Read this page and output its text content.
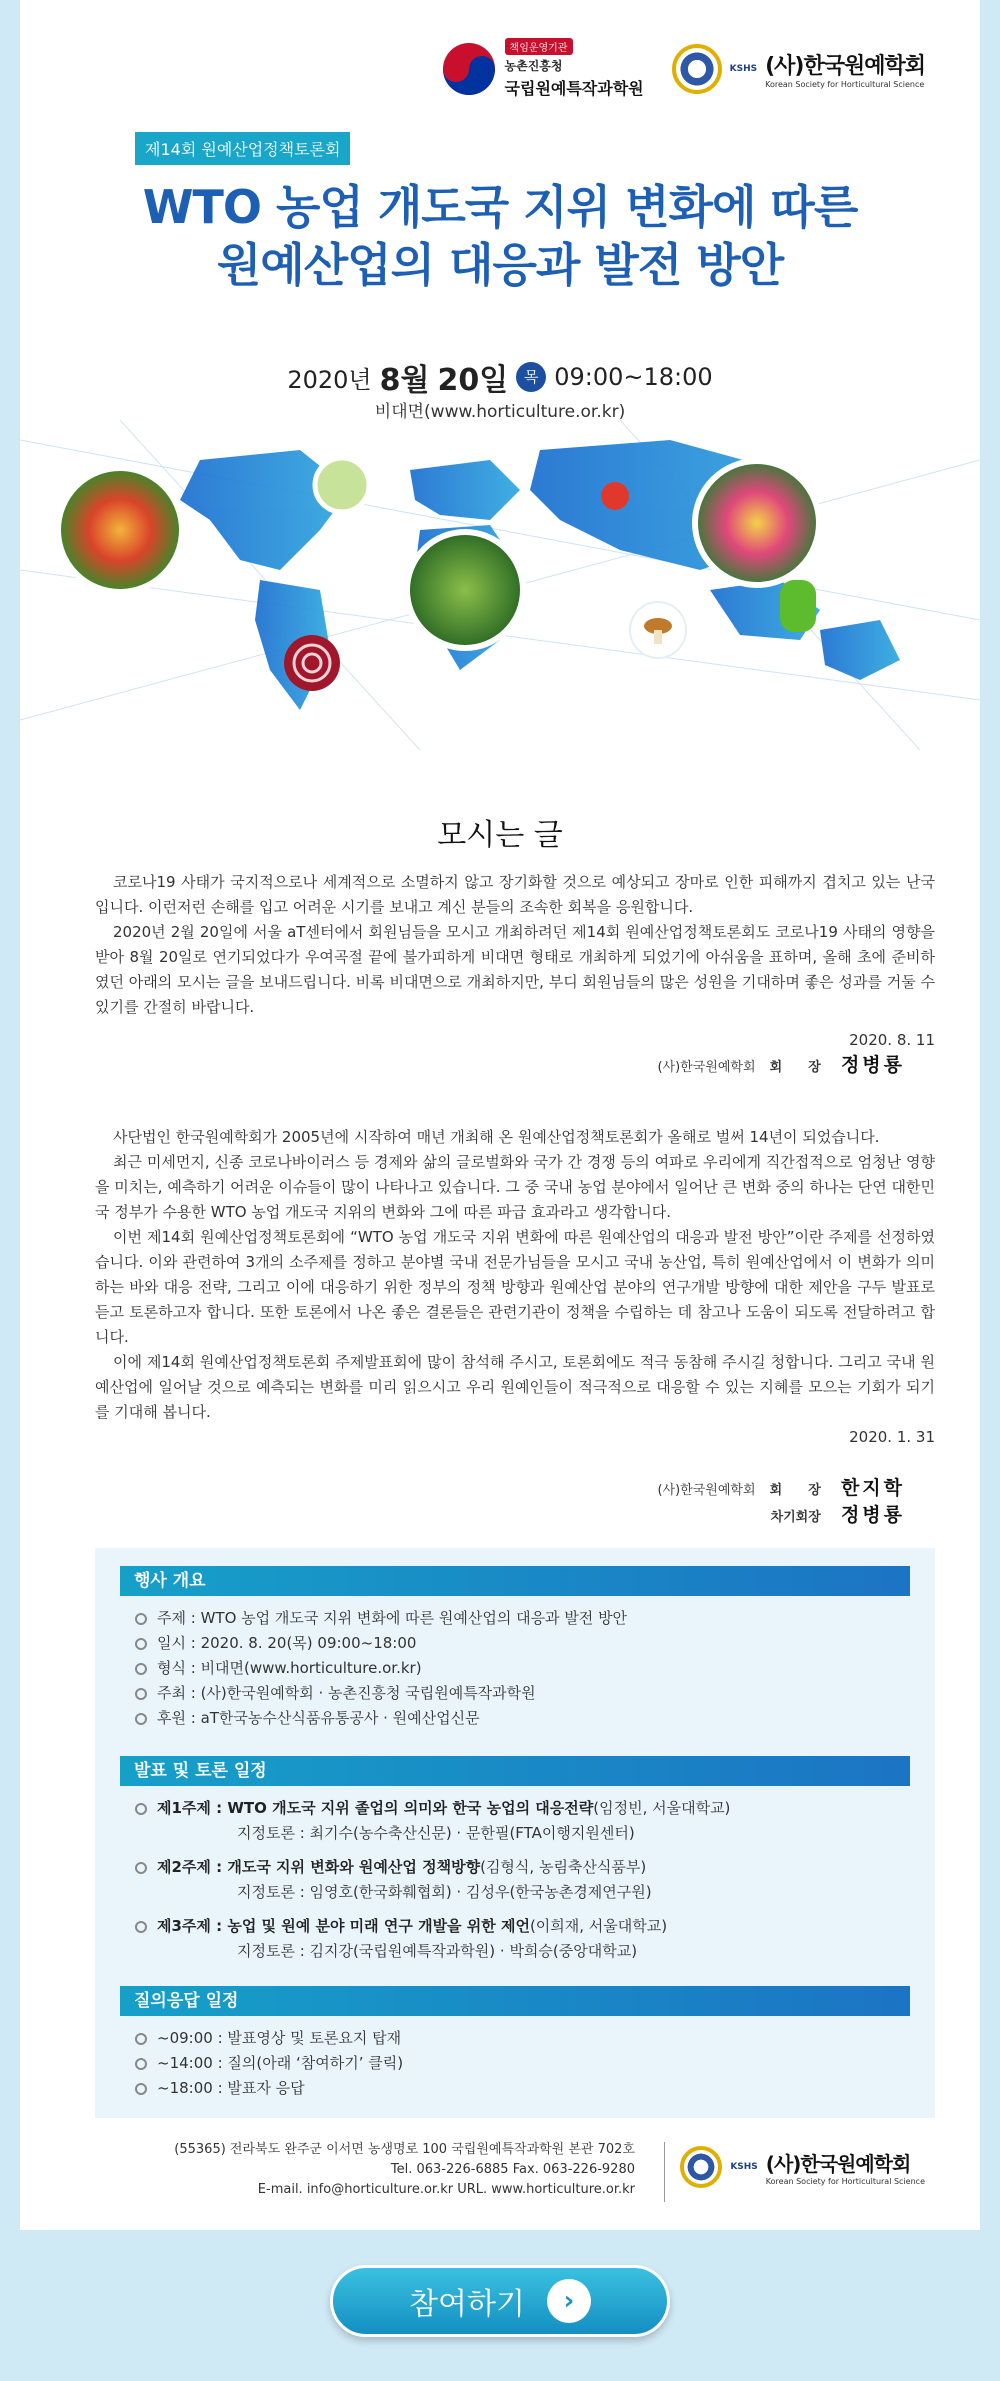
책임운영기관
농촌진흥청
국립원예특작과학원
KSHS (사)한국원예학회
Korean Society for Horticultural Science
제14회 원예산업정책토론회
WTO 농업 개도국 지위 변화에 따른
원예산업의 대응과 발전 방안
2020년 8월 20일	목 09:00~18:00
비대면(www.horticulture.or.kr)
모시는 글

코로나19 사태가 국지적으로나 세계적으로 소멸하지 않고 장기화할 것으로 예상되고 장마로 인한 피해까지 겹치고 있는 난국입니다. 이런저런 손해를 입고 어려운 시기를 보내고 계신 분들의 조속한 회복을 응원합니다.

2020년 2월 20일에 서울 aT센터에서 회원님들을 모시고 개최하려던 제14회 원예산업정책토론회도 코로나19 사태의 영향을 받아 8월 20일로 연기되었다가 우여곡절 끝에 불가피하게 비대면 형태로 개최하게 되었기에 아쉬움을 표하며, 올해 초에 준비하였던 아래의 모시는 글을 보내드립니다. 비록 비대면으로 개최하지만, 부디 회원님들의 많은 성원을 기대하며 좋은 성과를 거둘 수 있기를 간절히 바랍니다.

2020. 8. 11
(사)한국원예학회 회　　장 정병룡

사단법인 한국원예학회가 2005년에 시작하여 매년 개최해 온 원예산업정책토론회가 올해로 벌써 14년이 되었습니다.

최근 미세먼지, 신종 코로나바이러스 등 경제와 삶의 글로벌화와 국가 간 경쟁 등의 여파로 우리에게 직간접적으로 엄청난 영향을 미치는, 예측하기 어려운 이슈들이 많이 나타나고 있습니다. 그 중 국내 농업 분야에서 일어난 큰 변화 중의 하나는 단연 대한민국 정부가 수용한 WTO 농업 개도국 지위의 변화와 그에 따른 파급 효과라고 생각합니다.

이번 제14회 원예산업정책토론회에 “WTO 농업 개도국 지위 변화에 따른 원예산업의 대응과 발전 방안”이란 주제를 선정하였습니다. 이와 관련하여 3개의 소주제를 정하고 분야별 국내 전문가님들을 모시고 국내 농산업, 특히 원예산업에서 이 변화가 의미하는 바와 대응 전략, 그리고 이에 대응하기 위한 정부의 정책 방향과 원예산업 분야의 연구개발 방향에 대한 제안을 구두 발표로 듣고 토론하고자 합니다. 또한 토론에서 나온 좋은 결론들은 관련기관이 정책을 수립하는 데 참고나 도움이 되도록 전달하려고 합니다.

이에 제14회 원예산업정책토론회 주제발표회에 많이 참석해 주시고, 토론회에도 적극 동참해 주시길 청합니다. 그리고 국내 원예산업에 일어날 것으로 예측되는 변화를 미리 읽으시고 우리 원예인들이 적극적으로 대응할 수 있는 지혜를 모으는 기회가 되기를 기대해 봅니다.

2020. 1. 31
(사)한국원예학회 회　　장 한지학
차기회장 정병룡
행사 개요
주제 : WTO 농업 개도국 지위 변화에 따른 원예산업의 대응과 발전 방안
일시 : 2020. 8. 20(목) 09:00~18:00
형식 : 비대면(www.horticulture.or.kr)
주최 : (사)한국원예학회 · 농촌진흥청 국립원예특작과학원
후원 : aT한국농수산식품유통공사 · 원예산업신문
발표 및 토론 일정
제1주제 : WTO 개도국 지위 졸업의 의미와 한국 농업의 대응전략(임정빈, 서울대학교)
지정토론 : 최기수(농수축산신문) · 문한필(FTA이행지원센터)
제2주제 : 개도국 지위 변화와 원예산업 정책방향(김형식, 농림축산식품부)
지정토론 : 임영호(한국화훼협회) · 김성우(한국농촌경제연구원)
제3주제 : 농업 및 원예 분야 미래 연구 개발을 위한 제언(이희재, 서울대학교)
지정토론 : 김지강(국립원예특작과학원) · 박희승(중앙대학교)
질의응답 일정
~09:00 : 발표영상 및 토론요지 탑재
~14:00 : 질의(아래 ‘참여하기’ 클릭)
~18:00 : 발표자 응답
(55365) 전라북도 완주군 이서면 농생명로 100 국립원예특작과학원 본관 702호
Tel. 063-226-6885 Fax. 063-226-9280
E-mail. info@horticulture.or.kr URL. www.horticulture.or.kr
KSHS (사)한국원예학회
Korean Society for Horticultural Science
참여하기	›
